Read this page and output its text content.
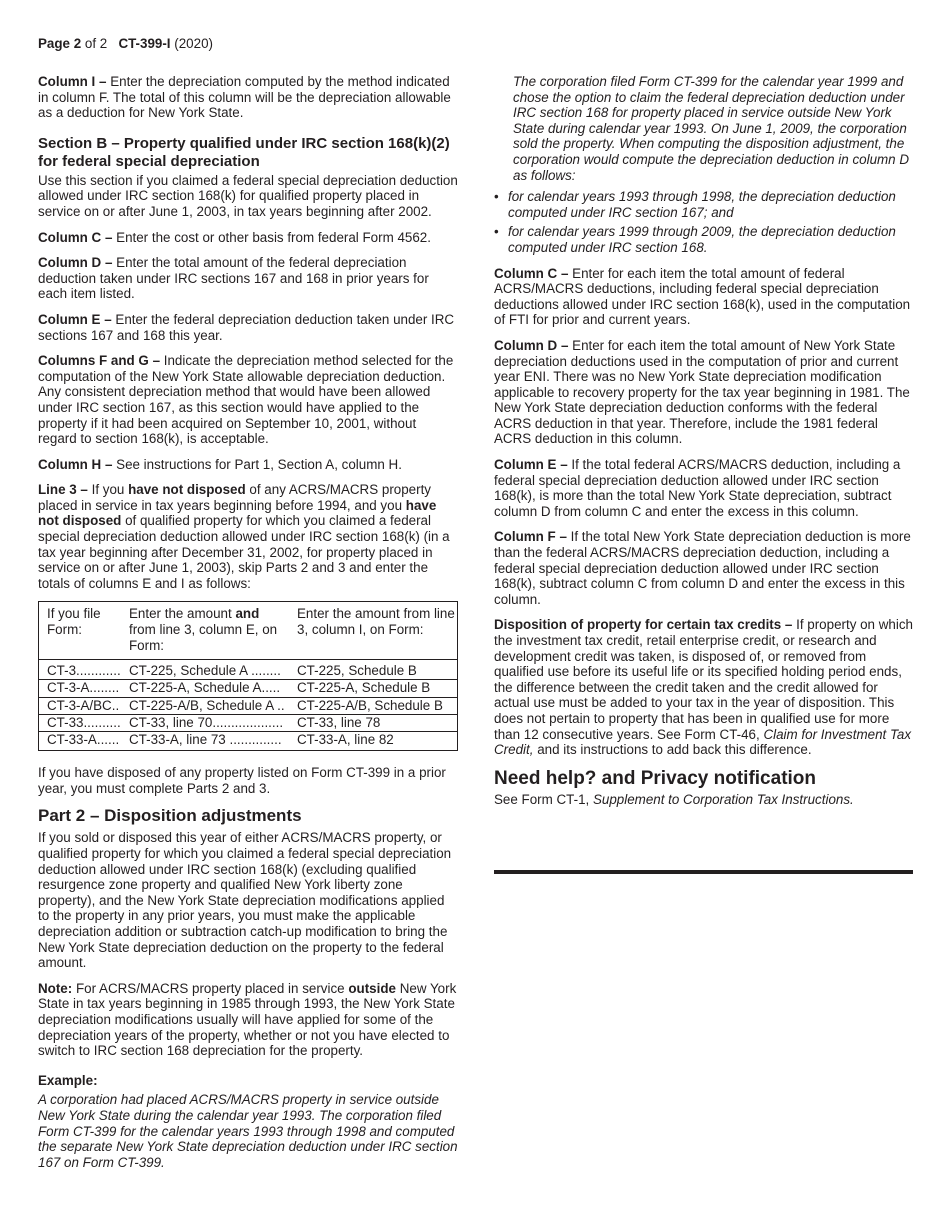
Page 2 of 2 CT-399-I (2020)

Column I – Enter the depreciation computed by the method indicated in column F. The total of this column will be the depreciation allowable as a deduction for New York State.

Section B – Property qualified under IRC section 168(k)(2) for federal special depreciation

Use this section if you claimed a federal special depreciation deduction allowed under IRC section 168(k) for qualified property placed in service on or after June 1, 2003, in tax years beginning after 2002.

Column C – Enter the cost or other basis from federal Form 4562.

Column D – Enter the total amount of the federal depreciation deduction taken under IRC sections 167 and 168 in prior years for each item listed.

Column E – Enter the federal depreciation deduction taken under IRC sections 167 and 168 this year.

Columns F and G – Indicate the depreciation method selected for the computation of the New York State allowable depreciation deduction. Any consistent depreciation method that would have been allowed under IRC section 167, as this section would have applied to the property if it had been acquired on September 10, 2001, without regard to section 168(k), is acceptable.

Column H – See instructions for Part 1, Section A, column H.

Line 3 – If you have not disposed of any ACRS/MACRS property placed in service in tax years beginning before 1994, and you have not disposed of qualified property for which you claimed a federal special depreciation deduction allowed under IRC section 168(k) (in a tax year beginning after December 31, 2002, for property placed in service on or after June 1, 2003), skip Parts 2 and 3 and enter the totals of columns E and I as follows:

If you file Form:	Enter the amount and from line 3, column E, on Form:	Enter the amount from line 3, column I, on Form:
CT-3............	CT-225, Schedule A ........	CT-225, Schedule B
CT-3-A........	CT-225-A, Schedule A.....	CT-225-A, Schedule B
CT-3-A/BC..	CT-225-A/B, Schedule A ..	CT-225-A/B, Schedule B
CT-33..........	CT-33, line 70...................	CT-33, line 78
CT-33-A......	CT-33-A, line 73 ..............	CT-33-A, line 82

If you have disposed of any property listed on Form CT-399 in a prior year, you must complete Parts 2 and 3.

Part 2 – Disposition adjustments

If you sold or disposed this year of either ACRS/MACRS property, or qualified property for which you claimed a federal special depreciation deduction allowed under IRC section 168(k) (excluding qualified resurgence zone property and qualified New York liberty zone property), and the New York State depreciation modifications applied to the property in any prior years, you must make the applicable depreciation addition or subtraction catch-up modification to bring the New York State depreciation deduction on the property to the federal amount.

Note: For ACRS/MACRS property placed in service outside New York State in tax years beginning in 1985 through 1993, the New York State depreciation modifications usually will have applied for some of the depreciation years of the property, whether or not you have elected to switch to IRC section 168 depreciation for the property.

Example:

A corporation had placed ACRS/MACRS property in service outside New York State during the calendar year 1993. The corporation filed Form CT-399 for the calendar years 1993 through 1998 and computed the separate New York State depreciation deduction under IRC section 167 on Form CT-399.

The corporation filed Form CT-399 for the calendar year 1999 and chose the option to claim the federal depreciation deduction under IRC section 168 for property placed in service outside New York State during calendar year 1993. On June 1, 2009, the corporation sold the property. When computing the disposition adjustment, the corporation would compute the depreciation deduction in column D as follows:

• for calendar years 1993 through 1998, the depreciation deduction computed under IRC section 167; and
• for calendar years 1999 through 2009, the depreciation deduction computed under IRC section 168.

Column C – Enter for each item the total amount of federal ACRS/MACRS deductions, including federal special depreciation deductions allowed under IRC section 168(k), used in the computation of FTI for prior and current years.

Column D – Enter for each item the total amount of New York State depreciation deductions used in the computation of prior and current year ENI. There was no New York State depreciation modification applicable to recovery property for the tax year beginning in 1981. The New York State depreciation deduction conforms with the federal ACRS deduction in that year. Therefore, include the 1981 federal ACRS deduction in this column.

Column E – If the total federal ACRS/MACRS deduction, including a federal special depreciation deduction allowed under IRC section 168(k), is more than the total New York State depreciation, subtract column D from column C and enter the excess in this column.

Column F – If the total New York State depreciation deduction is more than the federal ACRS/MACRS depreciation deduction, including a federal special depreciation deduction allowed under IRC section 168(k), subtract column C from column D and enter the excess in this column.

Disposition of property for certain tax credits – If property on which the investment tax credit, retail enterprise credit, or research and development credit was taken, is disposed of, or removed from qualified use before its useful life or its specified holding period ends, the difference between the credit taken and the credit allowed for actual use must be added to your tax in the year of disposition. This does not pertain to property that has been in qualified use for more than 12 consecutive years. See Form CT-46, Claim for Investment Tax Credit, and its instructions to add back this difference.

Need help? and Privacy notification

See Form CT-1, Supplement to Corporation Tax Instructions.
